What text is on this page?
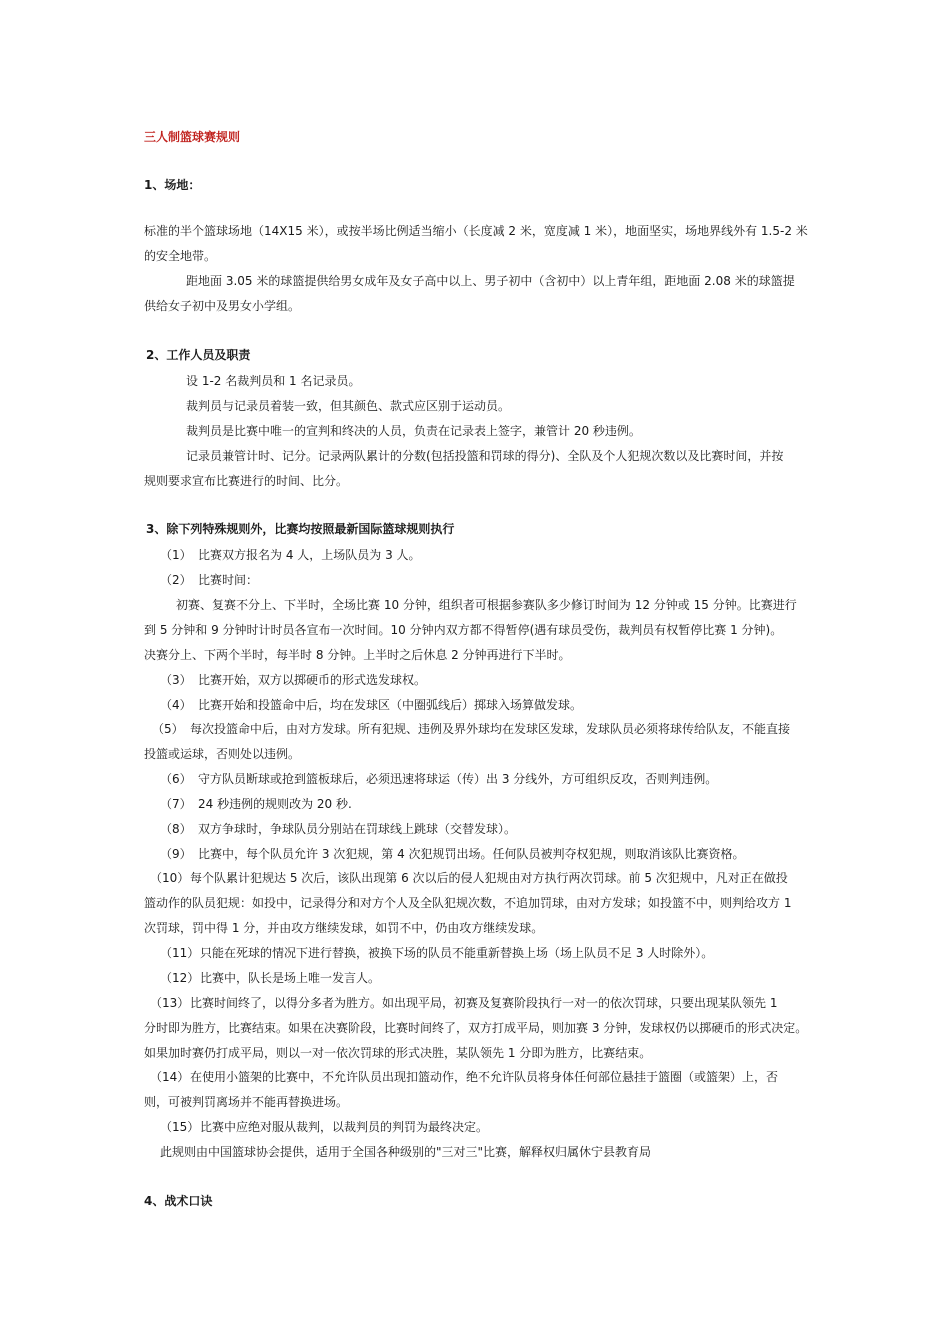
三人制篮球赛规则
1、场地：
标准的半个篮球场地（14X15 米），或按半场比例适当缩小（长度减 2 米，宽度减 1 米），地面坚实，场地界线外有 1.5-2 米
的安全地带。
距地面 3.05 米的球篮提供给男女成年及女子高中以上、男子初中（含初中）以上青年组，距地面 2.08 米的球篮提
供给女子初中及男女小学组。
2、工作人员及职责
设 1-2 名裁判员和 1 名记录员。
裁判员与记录员着装一致，但其颜色、款式应区别于运动员。
裁判员是比赛中唯一的宣判和终决的人员，负责在记录表上签字，兼管计 20 秒违例。
记录员兼管计时、记分。记录两队累计的分数(包括投篮和罚球的得分)、全队及个人犯规次数以及比赛时间，并按
规则要求宣布比赛进行的时间、比分。
3、除下列特殊规则外，比赛均按照最新国际篮球规则执行
（1） 比赛双方报名为 4 人，上场队员为 3 人。
（2） 比赛时间：
初赛、复赛不分上、下半时，全场比赛 10 分钟，组织者可根据参赛队多少修订时间为 12 分钟或 15 分钟。比赛进行
到 5 分钟和 9 分钟时计时员各宣布一次时间。10 分钟内双方都不得暂停(遇有球员受伤，裁判员有权暂停比赛 1 分钟)。
决赛分上、下两个半时，每半时 8 分钟。上半时之后休息 2 分钟再进行下半时。
（3） 比赛开始，双方以掷硬币的形式选发球权。
（4） 比赛开始和投篮命中后，均在发球区（中圈弧线后）掷球入场算做发球。
（5） 每次投篮命中后，由对方发球。所有犯规、违例及界外球均在发球区发球，发球队员必须将球传给队友，不能直接
投篮或运球，否则处以违例。
（6） 守方队员断球或抢到篮板球后，必须迅速将球运（传）出 3 分线外，方可组织反攻，否则判违例。
（7） 24 秒违例的规则改为 20 秒.
（8） 双方争球时，争球队员分别站在罚球线上跳球（交替发球）。
（9） 比赛中，每个队员允许 3 次犯规，第 4 次犯规罚出场。任何队员被判夺权犯规，则取消该队比赛资格。
（10）每个队累计犯规达 5 次后，该队出现第 6 次以后的侵人犯规由对方执行两次罚球。前 5 次犯规中，凡对正在做投
篮动作的队员犯规：如投中，记录得分和对方个人及全队犯规次数，不追加罚球，由对方发球；如投篮不中，则判给攻方 1
次罚球，罚中得 1 分，并由攻方继续发球，如罚不中，仍由攻方继续发球。
（11）只能在死球的情况下进行替换，被换下场的队员不能重新替换上场（场上队员不足 3 人时除外）。
（12）比赛中，队长是场上唯一发言人。
（13）比赛时间终了，以得分多者为胜方。如出现平局，初赛及复赛阶段执行一对一的依次罚球，只要出现某队领先 1
分时即为胜方，比赛结束。如果在决赛阶段，比赛时间终了，双方打成平局，则加赛 3 分钟，发球权仍以掷硬币的形式决定。
如果加时赛仍打成平局，则以一对一依次罚球的形式决胜，某队领先 1 分即为胜方，比赛结束。
（14）在使用小篮架的比赛中，不允许队员出现扣篮动作，绝不允许队员将身体任何部位悬挂于篮圈（或篮架）上，否
则，可被判罚离场并不能再替换进场。
（15）比赛中应绝对服从裁判，以裁判员的判罚为最终决定。
此规则由中国篮球协会提供，适用于全国各种级别的"三对三"比赛，解释权归属休宁县教育局
4、战术口诀
